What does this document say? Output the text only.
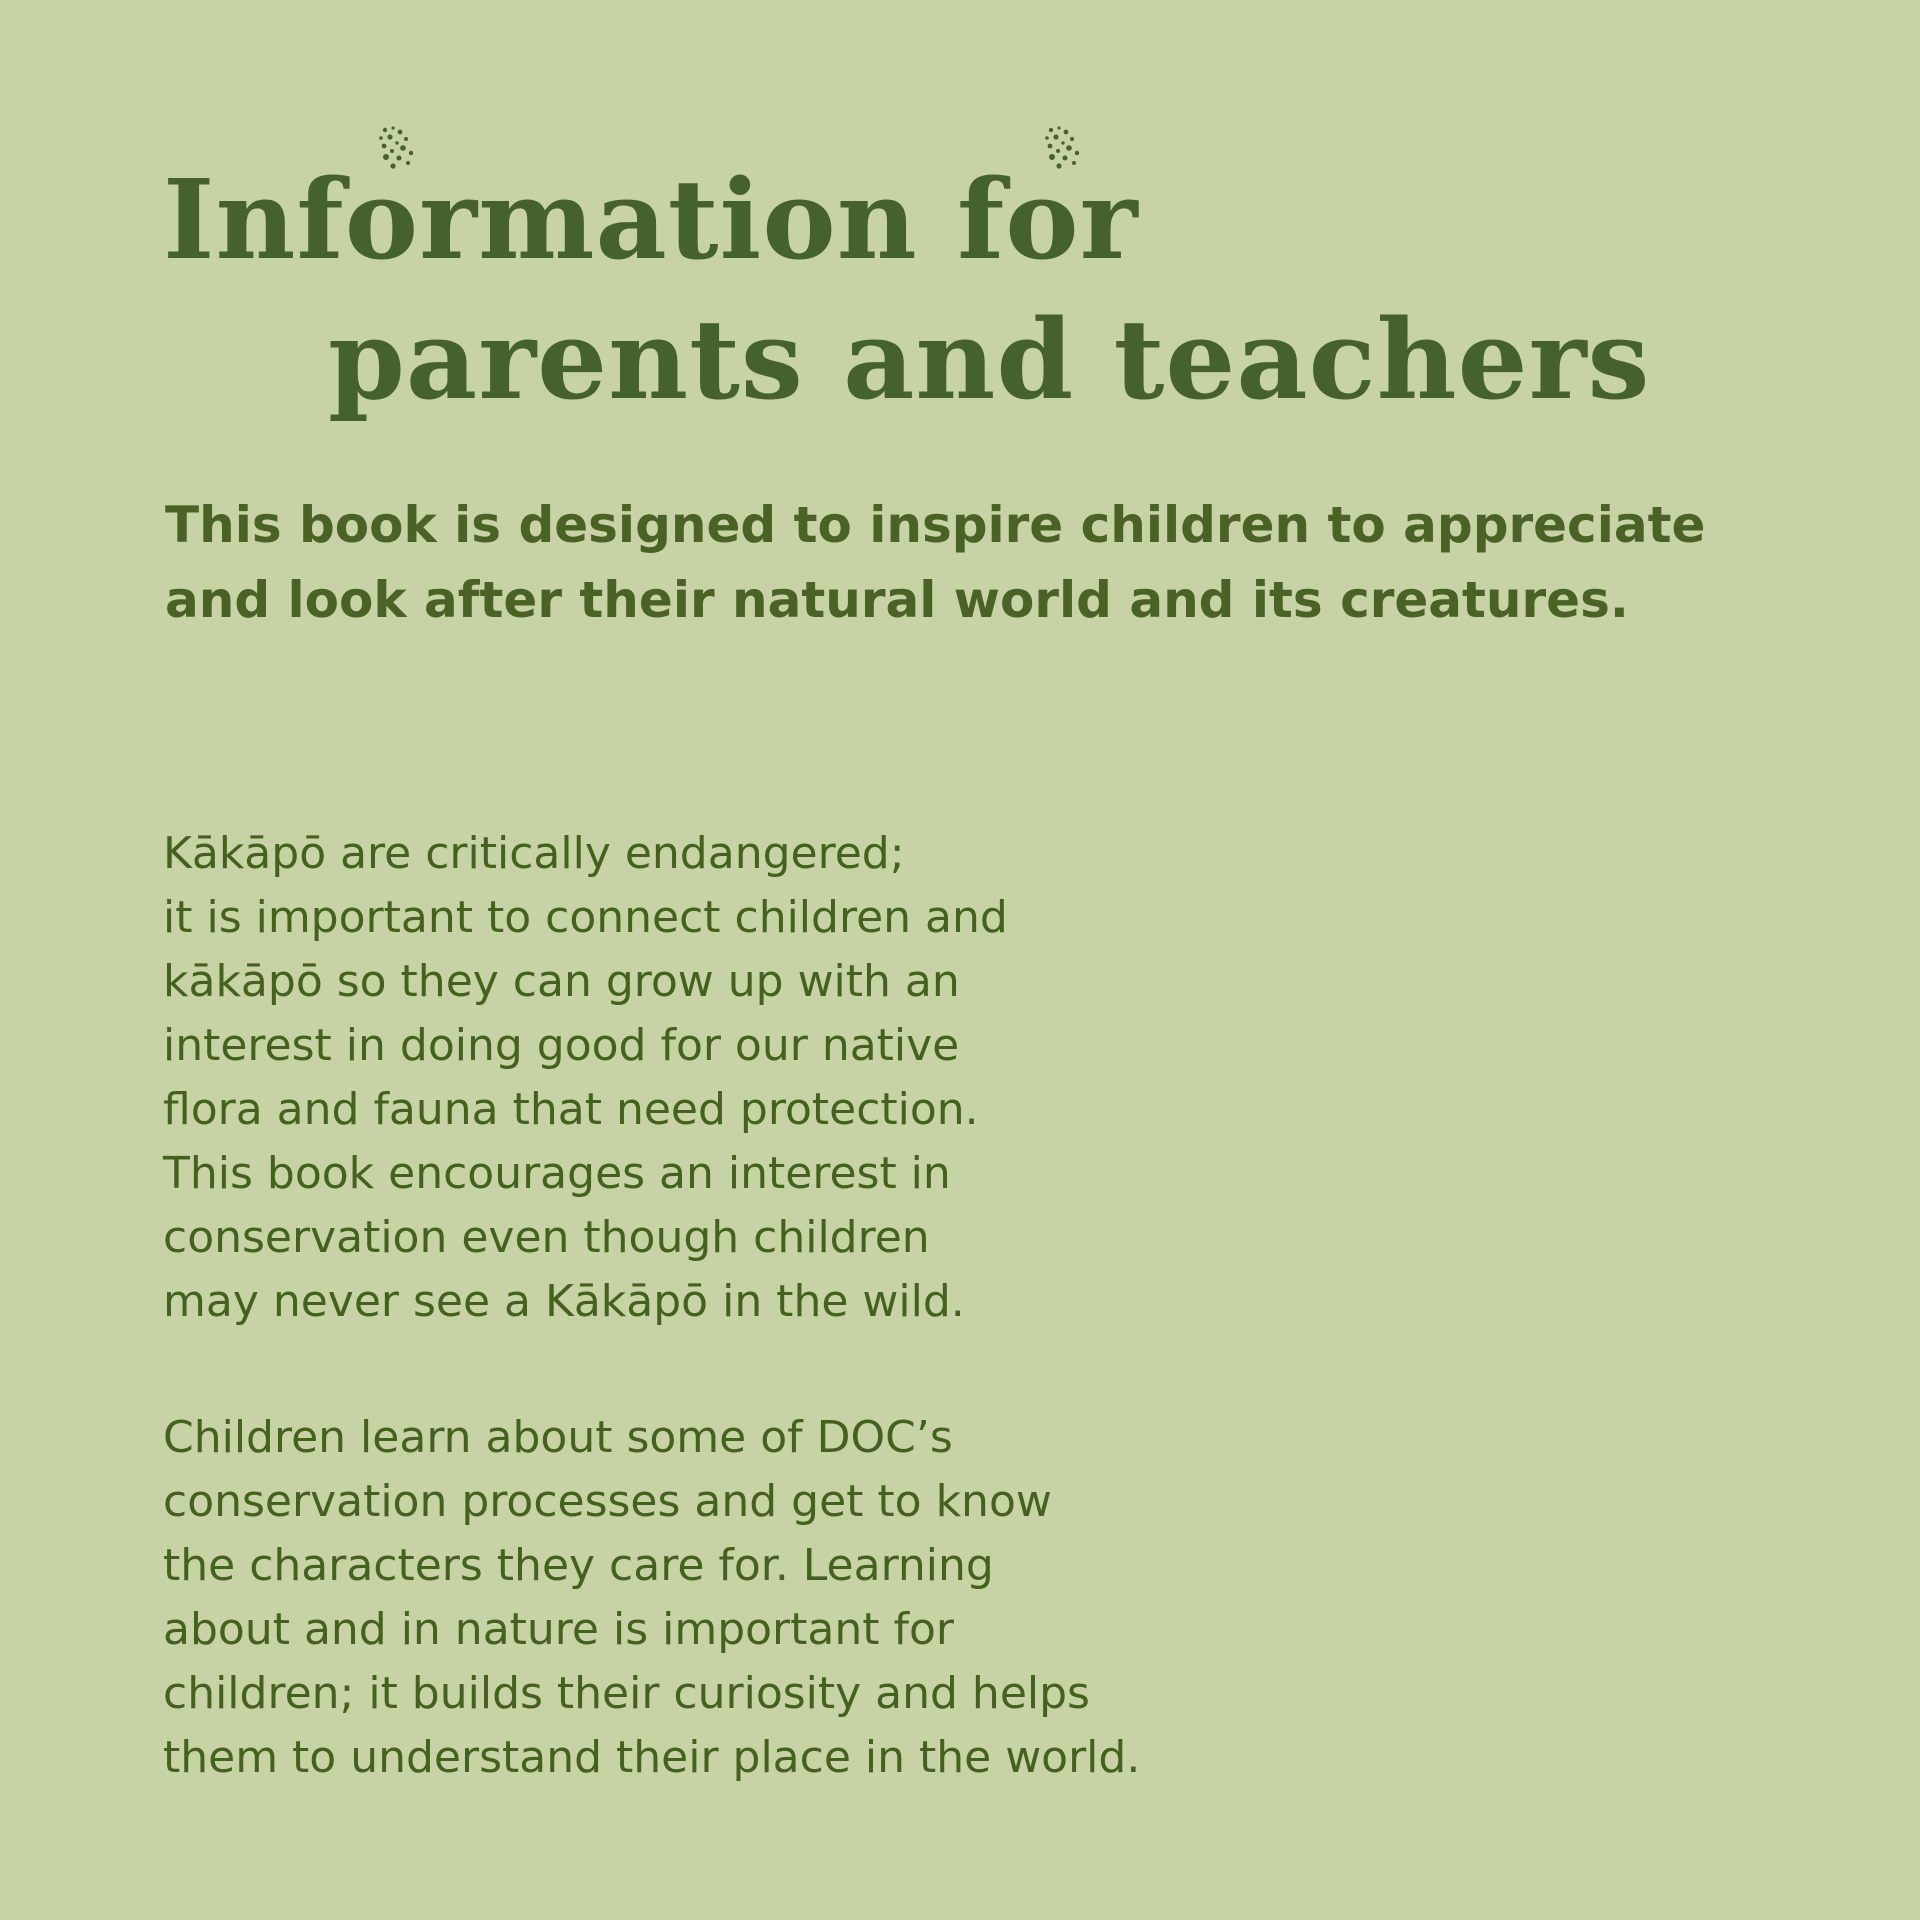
Information for
parents and teachers

This book is designed to inspire children to appreciate
and look after their natural world and its creatures.

Kākāpō are critically endangered;
it is important to connect children and
kākāpō so they can grow up with an
interest in doing good for our native
flora and fauna that need protection.
This book encourages an interest in
conservation even though children
may never see a Kākāpō in the wild.

Children learn about some of DOC’s
conservation processes and get to know
the characters they care for. Learning
about and in nature is important for
children; it builds their curiosity and helps
them to understand their place in the world.
